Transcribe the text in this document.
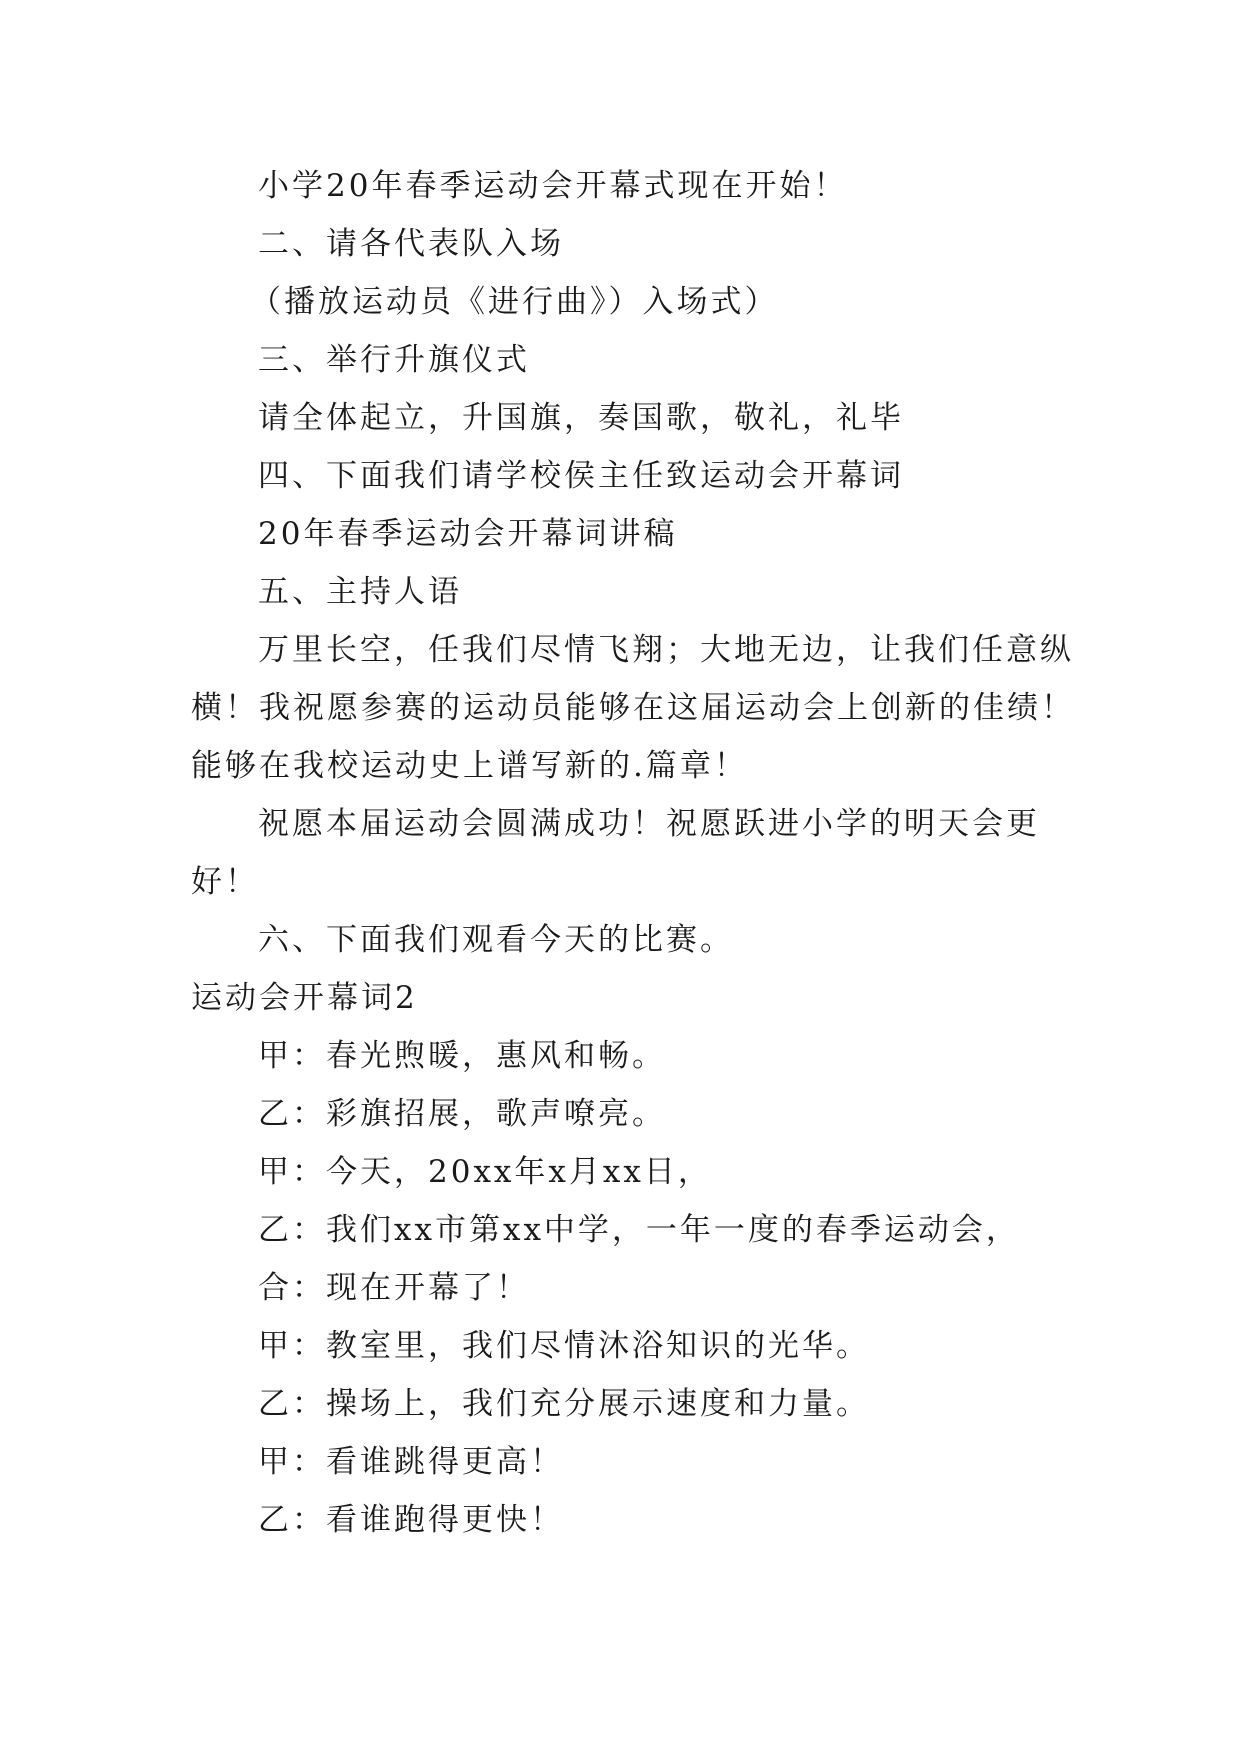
小学20年春季运动会开幕式现在开始！
二、请各代表队入场
（播放运动员《进行曲》）入场式）
三、举行升旗仪式
请全体起立，升国旗，奏国歌，敬礼，礼毕
四、下面我们请学校侯主任致运动会开幕词
20年春季运动会开幕词讲稿
五、主持人语
万里长空，任我们尽情飞翔；大地无边，让我们任意纵
横！我祝愿参赛的运动员能够在这届运动会上创新的佳绩！
能够在我校运动史上谱写新的.篇章！
祝愿本届运动会圆满成功！祝愿跃进小学的明天会更
好！
六、下面我们观看今天的比赛。
运动会开幕词2
甲：春光煦暖，惠风和畅。
乙：彩旗招展，歌声嘹亮。
甲：今天，20xx年x月xx日，
乙：我们xx市第xx中学，一年一度的春季运动会，
合：现在开幕了！
甲：教室里，我们尽情沐浴知识的光华。
乙：操场上，我们充分展示速度和力量。
甲：看谁跳得更高！
乙：看谁跑得更快！
